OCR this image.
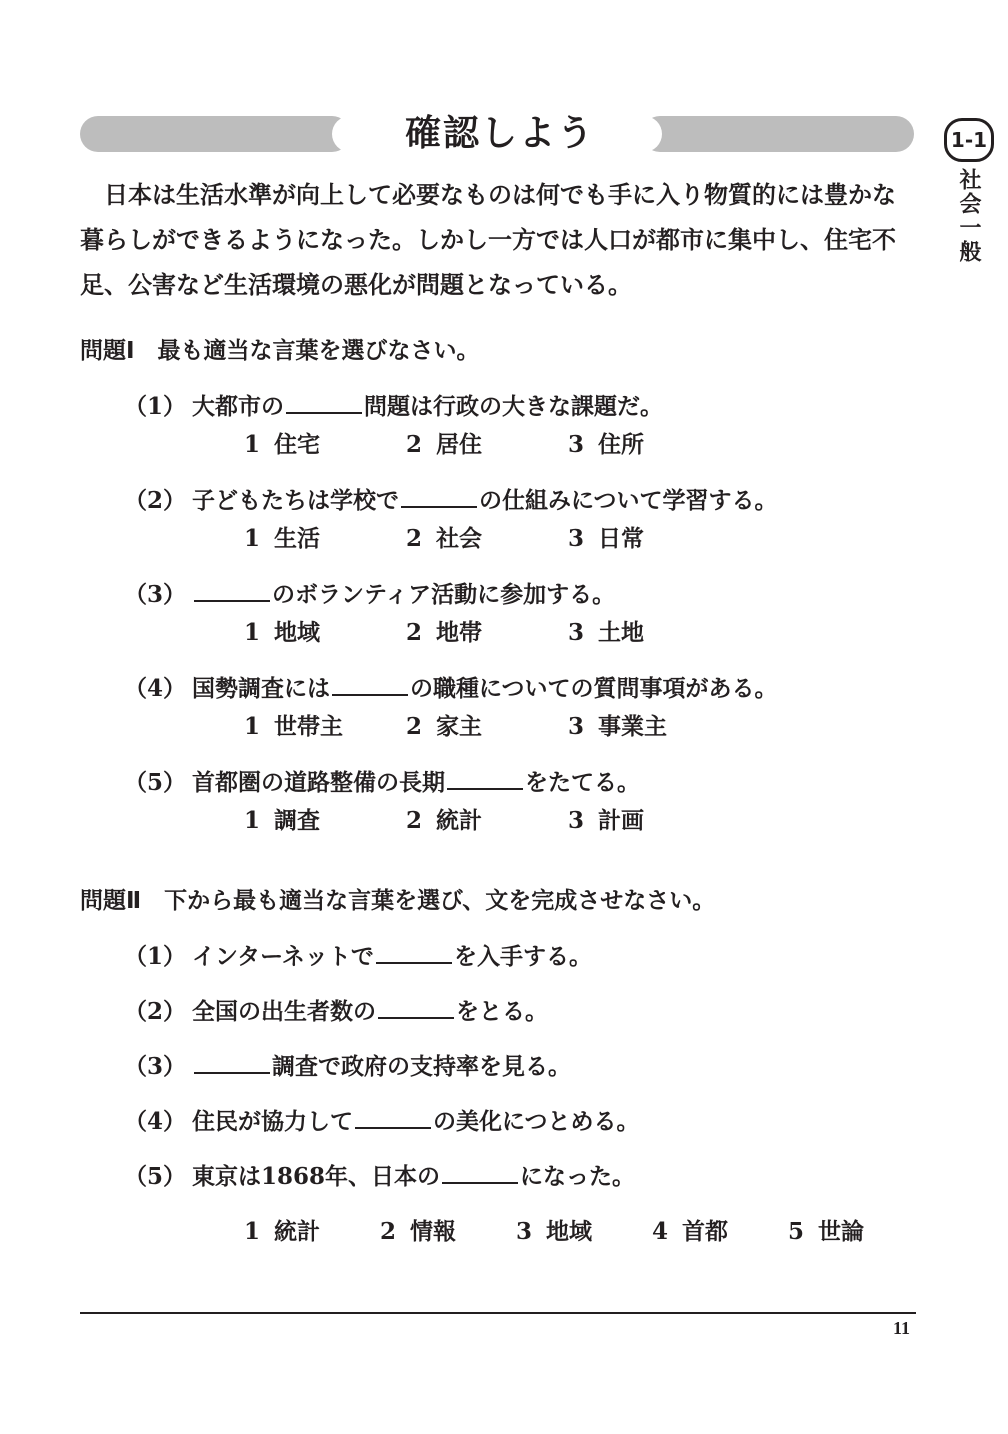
確認しよう	1-1
社会一般
日本は生活水準が向上して必要なものは何でも手に入り物質的には豊かな暮らしができるようになった。しかし一方では人口が都市に集中し、住宅不足、公害など生活環境の悪化が問題となっている。
問題Ⅰ　最も適当な言葉を選びなさい。
（1） 大都市の	問題は行政の大きな課題だ。
1 住宅	2 居住	3 住所
（2） 子どもたちは学校で	の仕組みについて学習する。
1 生活	2 社会	3 日常
（3）	のボランティア活動に参加する。
1 地域	2 地帯	3 土地
（4） 国勢調査には	の職種についての質問事項がある。
1 世帯主	2 家主	3 事業主
（5） 首都圏の道路整備の長期	をたてる。
1 調査	2 統計	3 計画
問題Ⅱ　下から最も適当な言葉を選び、文を完成させなさい。
（1） インターネットで	を入手する。
（2） 全国の出生者数の	をとる。
（3）	調査で政府の支持率を見る。
（4） 住民が協力して	の美化につとめる。
（5） 東京は1868年、日本の	になった。
1 統計	2 情報	3 地域	4 首都	5 世論
11
